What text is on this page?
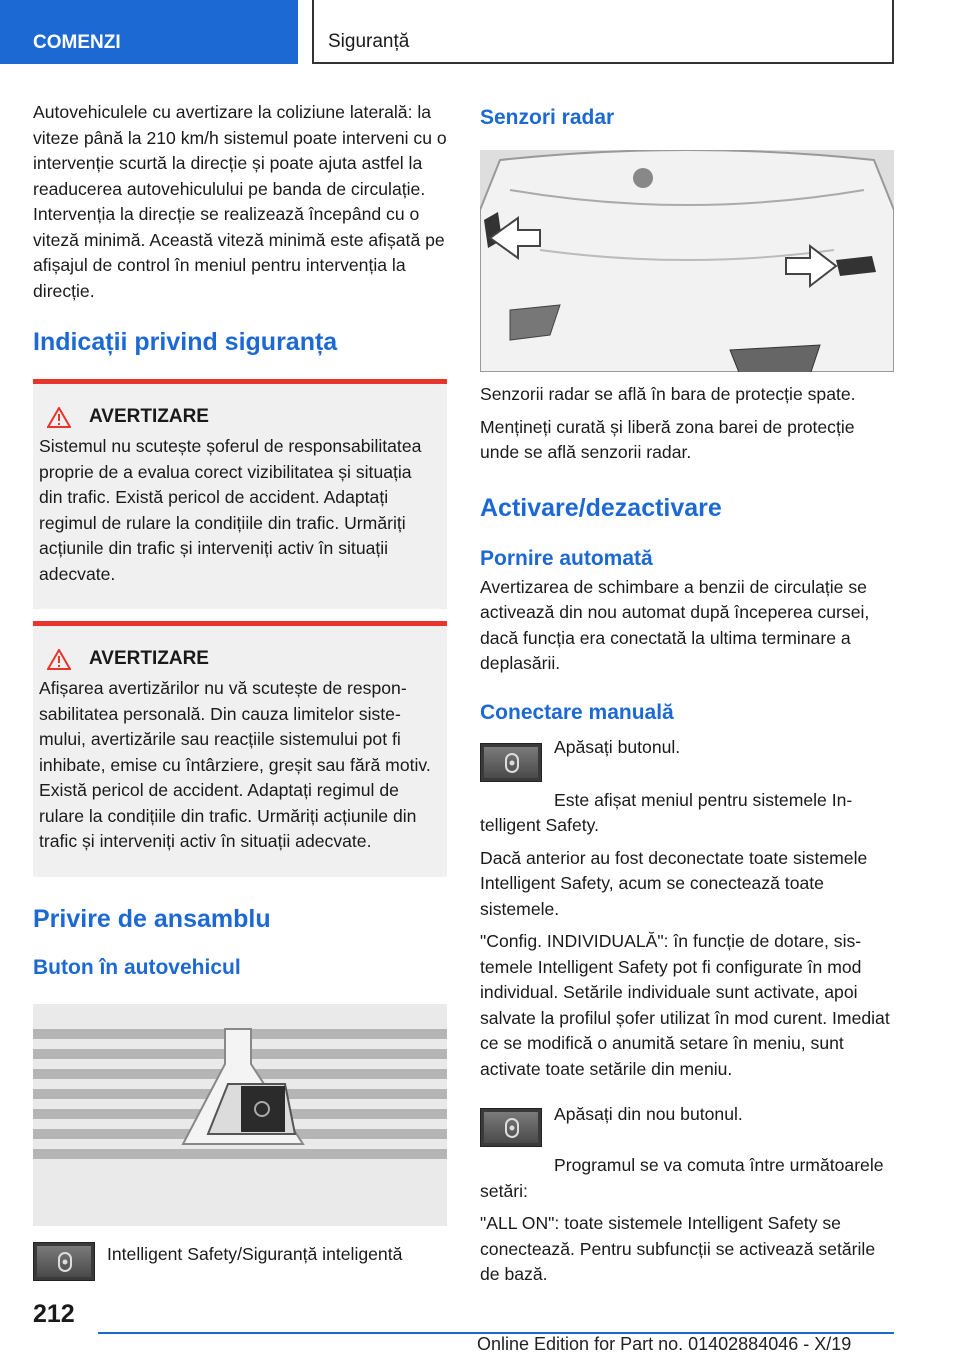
COMENZI	Siguranță

Autovehiculele cu avertizare la coliziune laterală: la viteze până la 210 km/h sistemul poate interveni cu o intervenție scurtă la direcție și poate ajuta astfel la readucerea autovehiculului pe banda de circulație. Intervenția la direcție se realizează începând cu o viteză minimă. Această viteză minimă este afișată pe afișajul de control în meniul pentru intervenția la direcție.

Indicații privind siguranța
AVERTIZARE

Sistemul nu scutește șoferul de responsabilitatea proprie de a evalua corect vizibilitatea și situația din trafic. Există pericol de accident. Adaptați regimul de rulare la condițiile din trafic. Urmăriți acțiunile din trafic și interveniți activ în situații adecvate.

AVERTIZARE

Afișarea avertizărilor nu vă scutește de responsabilitatea personală. Din cauza limitelor sistemului, avertizările sau reacțiile sistemului pot fi inhibate, emise cu întârziere, greșit sau fără motiv. Există pericol de accident. Adaptați regimul de rulare la condițiile din trafic. Urmăriți acțiunile din trafic și interveniți activ în situații adecvate.

Privire de ansamblu
Buton în autovehicul

Intelligent Safety/Siguranță inteligentă

Senzori radar

Senzorii radar se află în bara de protecție spate.

Mențineți curată și liberă zona barei de protecție unde se află senzorii radar.

Activare/dezactivare
Pornire automată

Avertizarea de schimbare a benzii de circulație se activează din nou automat după începerea cursei, dacă funcția era conectată la ultima terminare a deplasării.

Conectare manuală

Apăsați butonul.

Este afișat meniul pentru sistemele Intelligent Safety.

Dacă anterior au fost deconectate toate sistemele Intelligent Safety, acum se conectează toate sistemele.

"Config. INDIVIDUALĂ": în funcție de dotare, sistemele Intelligent Safety pot fi configurate în mod individual. Setările individuale sunt activate, apoi salvate la profilul șofer utilizat în mod curent. Imediat ce se modifică o anumită setare în meniu, sunt activate toate setările din meniu.

Apăsați din nou butonul.

Programul se va comuta între următoarele setări:

"ALL ON": toate sistemele Intelligent Safety se conectează. Pentru subfuncții se activează setările de bază.

212
Online Edition for Part no. 01402884046 - X/19
